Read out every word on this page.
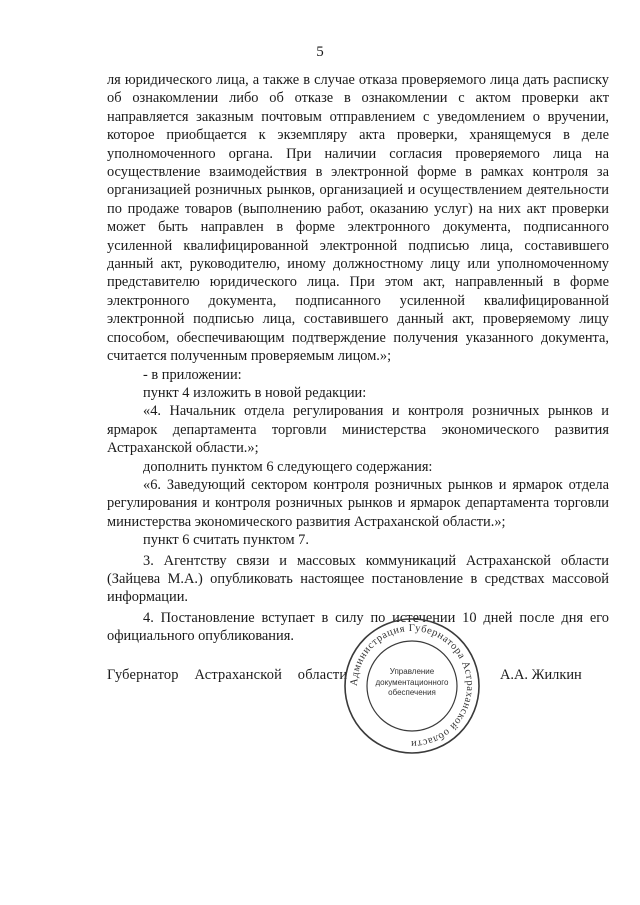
5

ля юридического лица, а также в случае отказа проверяемого лица дать расписку об ознакомлении либо об отказе в ознакомлении с актом проверки акт направляется заказным почтовым отправлением с уведомлением о вручении, которое приобщается к экземпляру акта проверки, хранящемуся в деле уполномоченного органа. При наличии согласия проверяемого лица на осуществление взаимодействия в электронной форме в рамках контроля за организацией розничных рынков, организацией и осуществлением деятельности по продаже товаров (выполнению работ, оказанию услуг) на них акт проверки может быть направлен в форме электронного документа, подписанного усиленной квалифицированной электронной подписью лица, составившего данный акт, руководителю, иному должностному лицу или уполномоченному представителю юридического лица. При этом акт, направленный в форме электронного документа, подписанного усиленной квалифицированной электронной подписью лица, составившего данный акт, проверяемому лицу способом, обеспечивающим подтверждение получения указанного документа, считается полученным проверяемым лицом.»;

- в приложении:

пункт 4 изложить в новой редакции:

«4. Начальник отдела регулирования и контроля розничных рынков и ярмарок департамента торговли министерства экономического развития Астраханской области.»;

дополнить пунктом 6 следующего содержания:

«6. Заведующий сектором контроля розничных рынков и ярмарок отдела регулирования и контроля розничных рынков и ярмарок департамента торговли министерства экономического развития Астраханской области.»;

пункт 6 считать пунктом 7.

3. Агентству связи и массовых коммуникаций Астраханской области (Зайцева М.А.) опубликовать настоящее постановление в средствах массовой информации.

4. Постановление вступает в силу по истечении 10 дней после дня его официального опубликования.

Губернатор Астраханской области	А.А. Жилкин
Администрация Губернатора Астраханской области
Управление
документационного
обеспечения
